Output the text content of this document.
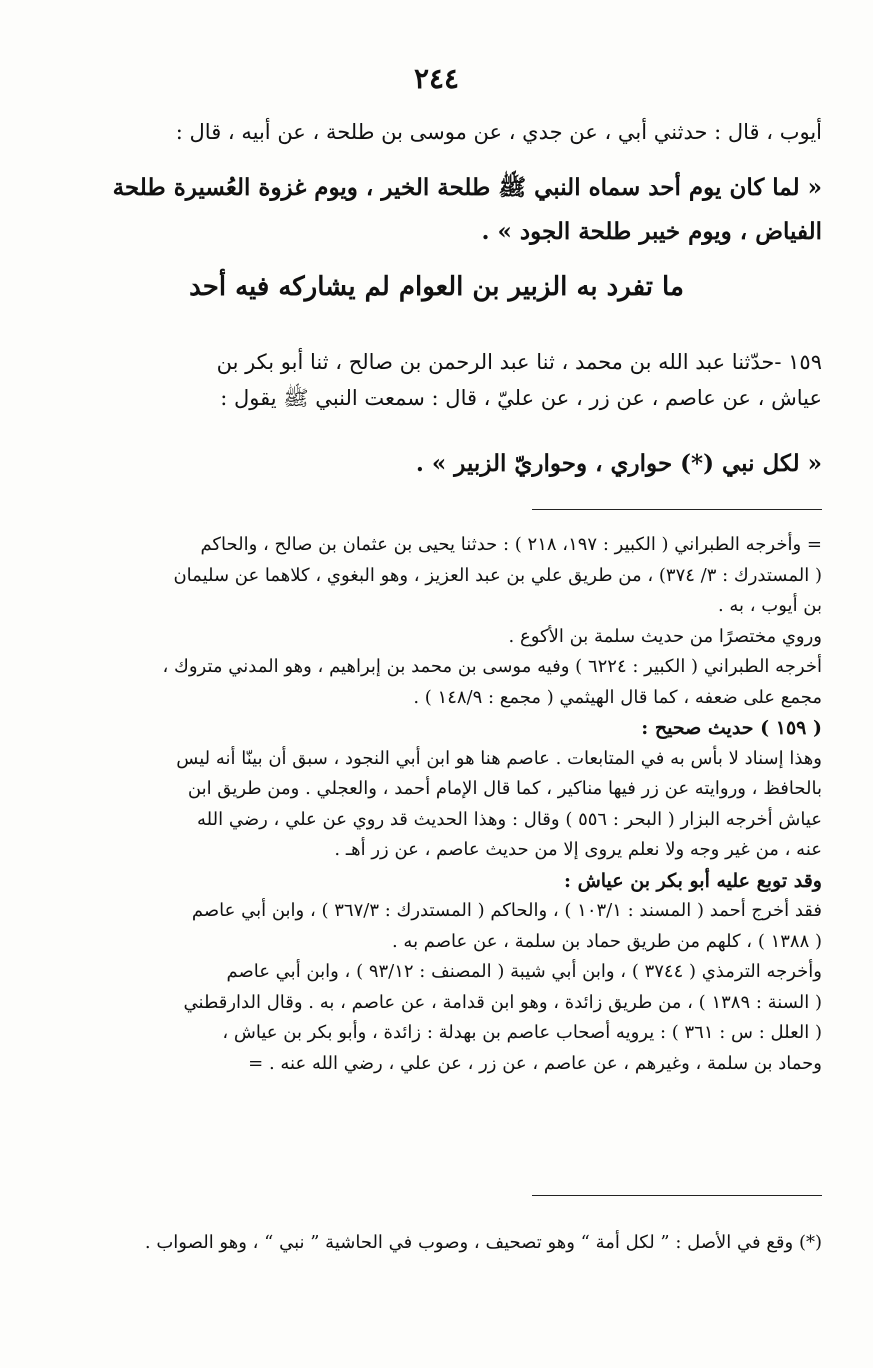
٢٤٤
أيوب ، قال : حدثني أبي ، عن جدي ، عن موسى بن طلحة ، عن أبيه ، قال :
« لما كان يوم أحد سماه النبي ﷺ طلحة الخير ، ويوم غزوة العُسيرة طلحة
الفياض ، ويوم خيبر طلحة الجود » .
ما تفرد به الزبير بن العوام لم يشاركه فيه أحد
١٥٩ -حدّثنا عبد الله بن محمد ، ثنا عبد الرحمن بن صالح ، ثنا أبو بكر بن
عياش ، عن عاصم ، عن زر ، عن عليّ ، قال : سمعت النبي ﷺ يقول :
« لكل نبي (*) حواري ، وحواريّ الزبير » .
= وأخرجه الطبراني ( الكبير : ١٩٧، ٢١٨ ) : حدثنا يحيى بن عثمان بن صالح ، والحاكم
( المستدرك : ٣/ ٣٧٤) ، من طريق علي بن عبد العزيز ، وهو البغوي ، كلاهما عن سليمان
بن أيوب ، به .
وروي مختصرًا من حديث سلمة بن الأكوع .
أخرجه الطبراني ( الكبير : ٦٢٢٤ ) وفيه موسى بن محمد بن إبراهيم ، وهو المدني متروك ،
مجمع على ضعفه ، كما قال الهيثمي ( مجمع : ١٤٨/٩ ) .
( ١٥٩ ) حديث صحيح :
وهذا إسناد لا بأس به في المتابعات . عاصم هنا هو ابن أبي النجود ، سبق أن بينّا أنه ليس
بالحافظ ، وروايته عن زر فيها مناكير ، كما قال الإمام أحمد ، والعجلي . ومن طريق ابن
عياش أخرجه البزار ( البحر : ٥٥٦ ) وقال : وهذا الحديث قد روي عن علي ، رضي الله
عنه ، من غير وجه ولا نعلم يروى إلا من حديث عاصم ، عن زر أهـ .
وقد توبع عليه أبو بكر بن عياش :
فقد أخرج أحمد ( المسند : ١٠٣/١ ) ، والحاكم ( المستدرك : ٣٦٧/٣ ) ، وابن أبي عاصم
( ١٣٨٨ ) ، كلهم من طريق حماد بن سلمة ، عن عاصم به .
وأخرجه الترمذي ( ٣٧٤٤ ) ، وابن أبي شيبة ( المصنف : ٩٣/١٢ ) ، وابن أبي عاصم
( السنة : ١٣٨٩ ) ، من طريق زائدة ، وهو ابن قدامة ، عن عاصم ، به . وقال الدارقطني
( العلل : س : ٣٦١ ) : يرويه أصحاب عاصم بن بهدلة : زائدة ، وأبو بكر بن عياش ،
وحماد بن سلمة ، وغيرهم ، عن عاصم ، عن زر ، عن علي ، رضي الله عنه . =
(*) وقع في الأصل : ” لكل أمة “ وهو تصحيف ، وصوب في الحاشية ” نبي “ ، وهو الصواب .
